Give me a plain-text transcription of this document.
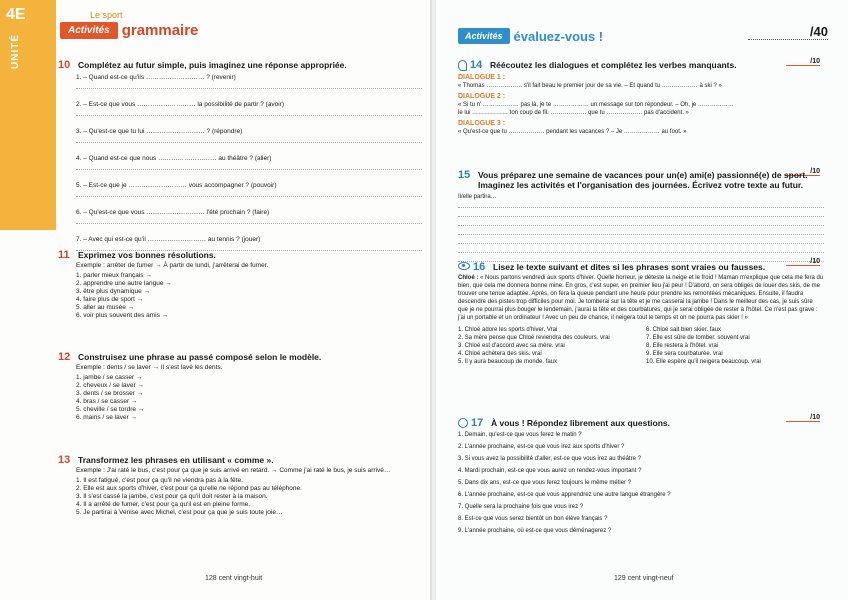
4E
UNITÉ
Le sport
Activités grammaire
10 Complétez au futur simple, puis imaginez une réponse appropriée.
1. – Quand est-ce qu'ils ……………………… ? (revenir)
2. – Est-ce que vous ……………………… la possibilité de partir ? (avoir)
3. – Qu'est-ce que tu lui ……………………… ? (répondre)
4. – Quand est-ce que nous ……………………… au théâtre ? (aller)
5. – Est-ce que je ……………………… vous accompagner ? (pouvoir)
6. – Qu'est-ce que vous ……………………… l'été prochain ? (faire)
7. – Avec qui est-ce qu'il ……………………… au tennis ? (jouer)
11 Exprimez vos bonnes résolutions.
Exemple : arrêter de fumer → À partir de lundi, j'arrêterai de fumer.
1. parler mieux français →
2. apprendre une autre langue →
3. être plus dynamique →
4. faire plus de sport →
5. aller au musée →
6. voir plus souvent des amis →
12 Construisez une phrase au passé composé selon le modèle.
Exemple : dents / se laver → Il s'est lavé les dents.
1. jambe / se casser →
2. cheveux / se laver →
3. dents / se brosser →
4. bras / se casser →
5. cheville / se tordre →
6. mains / se laver →
13 Transformez les phrases en utilisant « comme ».
Exemple : J'ai raté le bus, c'est pour ça que je suis arrivé en retard. → Comme j'ai raté le bus, je suis arrivé…
1. Il est fatigué, c'est pour ça qu'il ne viendra pas à la fête.
2. Elle est aux sports d'hiver, c'est pour ça qu'elle ne répond pas au téléphone.
3. Il s'est cassé la jambe, c'est pour ça qu'il doit rester à la maison.
4. Il a arrêté de fumer, c'est pour ça qu'il est en pleine forme.
5. Je partirai à Venise avec Michel, c'est pour ça que je suis toute joie…
128 cent vingt-huit
Activités évaluez-vous !	/40
/10
14 Réécoutez les dialogues et complétez les verbes manquants.
DIALOGUE 1 :
« Thomas ……………… s'il fait beau le premier jour de sa vie. – Et quand tu ……………… à ski ? »
DIALOGUE 2 :
« Si tu n' ……………… pas là, je te ……………… un message sur ton répondeur. – Oh, je ………………
le lui ……………… ton coup de fil. ……………… que tu ……………… pas d'accident. »
DIALOGUE 3 :
« Qu'est-ce que tu ……………… pendant les vacances ? – Je ……………… au foot. »
/10
15 Vous préparez une semaine de vacances pour un(e) ami(e) passionné(e) de sport. Imaginez les activités et l'organisation des journées. Écrivez votre texte au futur.
Il/elle partira…
/10
16 Lisez le texte suivant et dites si les phrases sont vraies ou fausses.
Chloé : « Nous partons vendredi aux sports d'hiver. Quelle horreur, je déteste la neige et le froid ! Maman m'explique que cela me fera du bien, que cela me donnera bonne mine. En gros, c'est super, en premier lieu j'ai peur ! D'abord, on sera obligés de louer des skis, de me trouver une tenue adaptée. Après, on fera la queue pendant une heure pour prendre les remontées mécaniques. Ensuite, il faudra descendre des pistes trop difficiles pour moi. Je tomberai sur la tête et je me casserai la jambe ! Dans le meilleur des cas, je suis sûre que je ne pourrai plus bouger le lendemain, j'aurai la tête et des courbatures, qui je serai obligée de rester à l'hôtel. Ce n'est pas grave : j'ai un portable et un ordinateur ! Avec un peu de chance, il neigera tout le temps et on ne pourra pas skier ! »
1. Chloé adore les sports d'hiver. Vrai	6. Chloé sait bien skier. faux
2. Sa mère pense que Chloé reviendra des couleurs. vrai	7. Elle est sûre de tomber. souvent vrai
3. Chloé est d'accord avec sa mère. vrai	8. Elle restera à l'hôtel. vrai
4. Chloé achètera des skis. vrai	9. Elle sera courbaturée. vrai
5. Il y aura beaucoup de monde. faux	10. Elle espère qu'il neigera beaucoup. vrai
/10
17 À vous ! Répondez librement aux questions.
1. Demain, qu'est-ce que vous ferez le matin ?
2. L'année prochaine, est-ce que vous irez aux sports d'hiver ?
3. Si vous avez la possibilité d'aller, est-ce que vous irez au théâtre ?
4. Mardi prochain, est-ce que vous aurez un rendez-vous important ?
5. Dans dix ans, est-ce que vous ferez toujours le même métier ?
6. L'année prochaine, est-ce que vous apprendrez une autre langue étrangère ?
7. Quelle sera la prochaine fois que vous irez ?
8. Est-ce que vous serez bientôt un bon élève français ?
9. L'année prochaine, où est-ce que vous déménagerez ?
129 cent vingt-neuf
